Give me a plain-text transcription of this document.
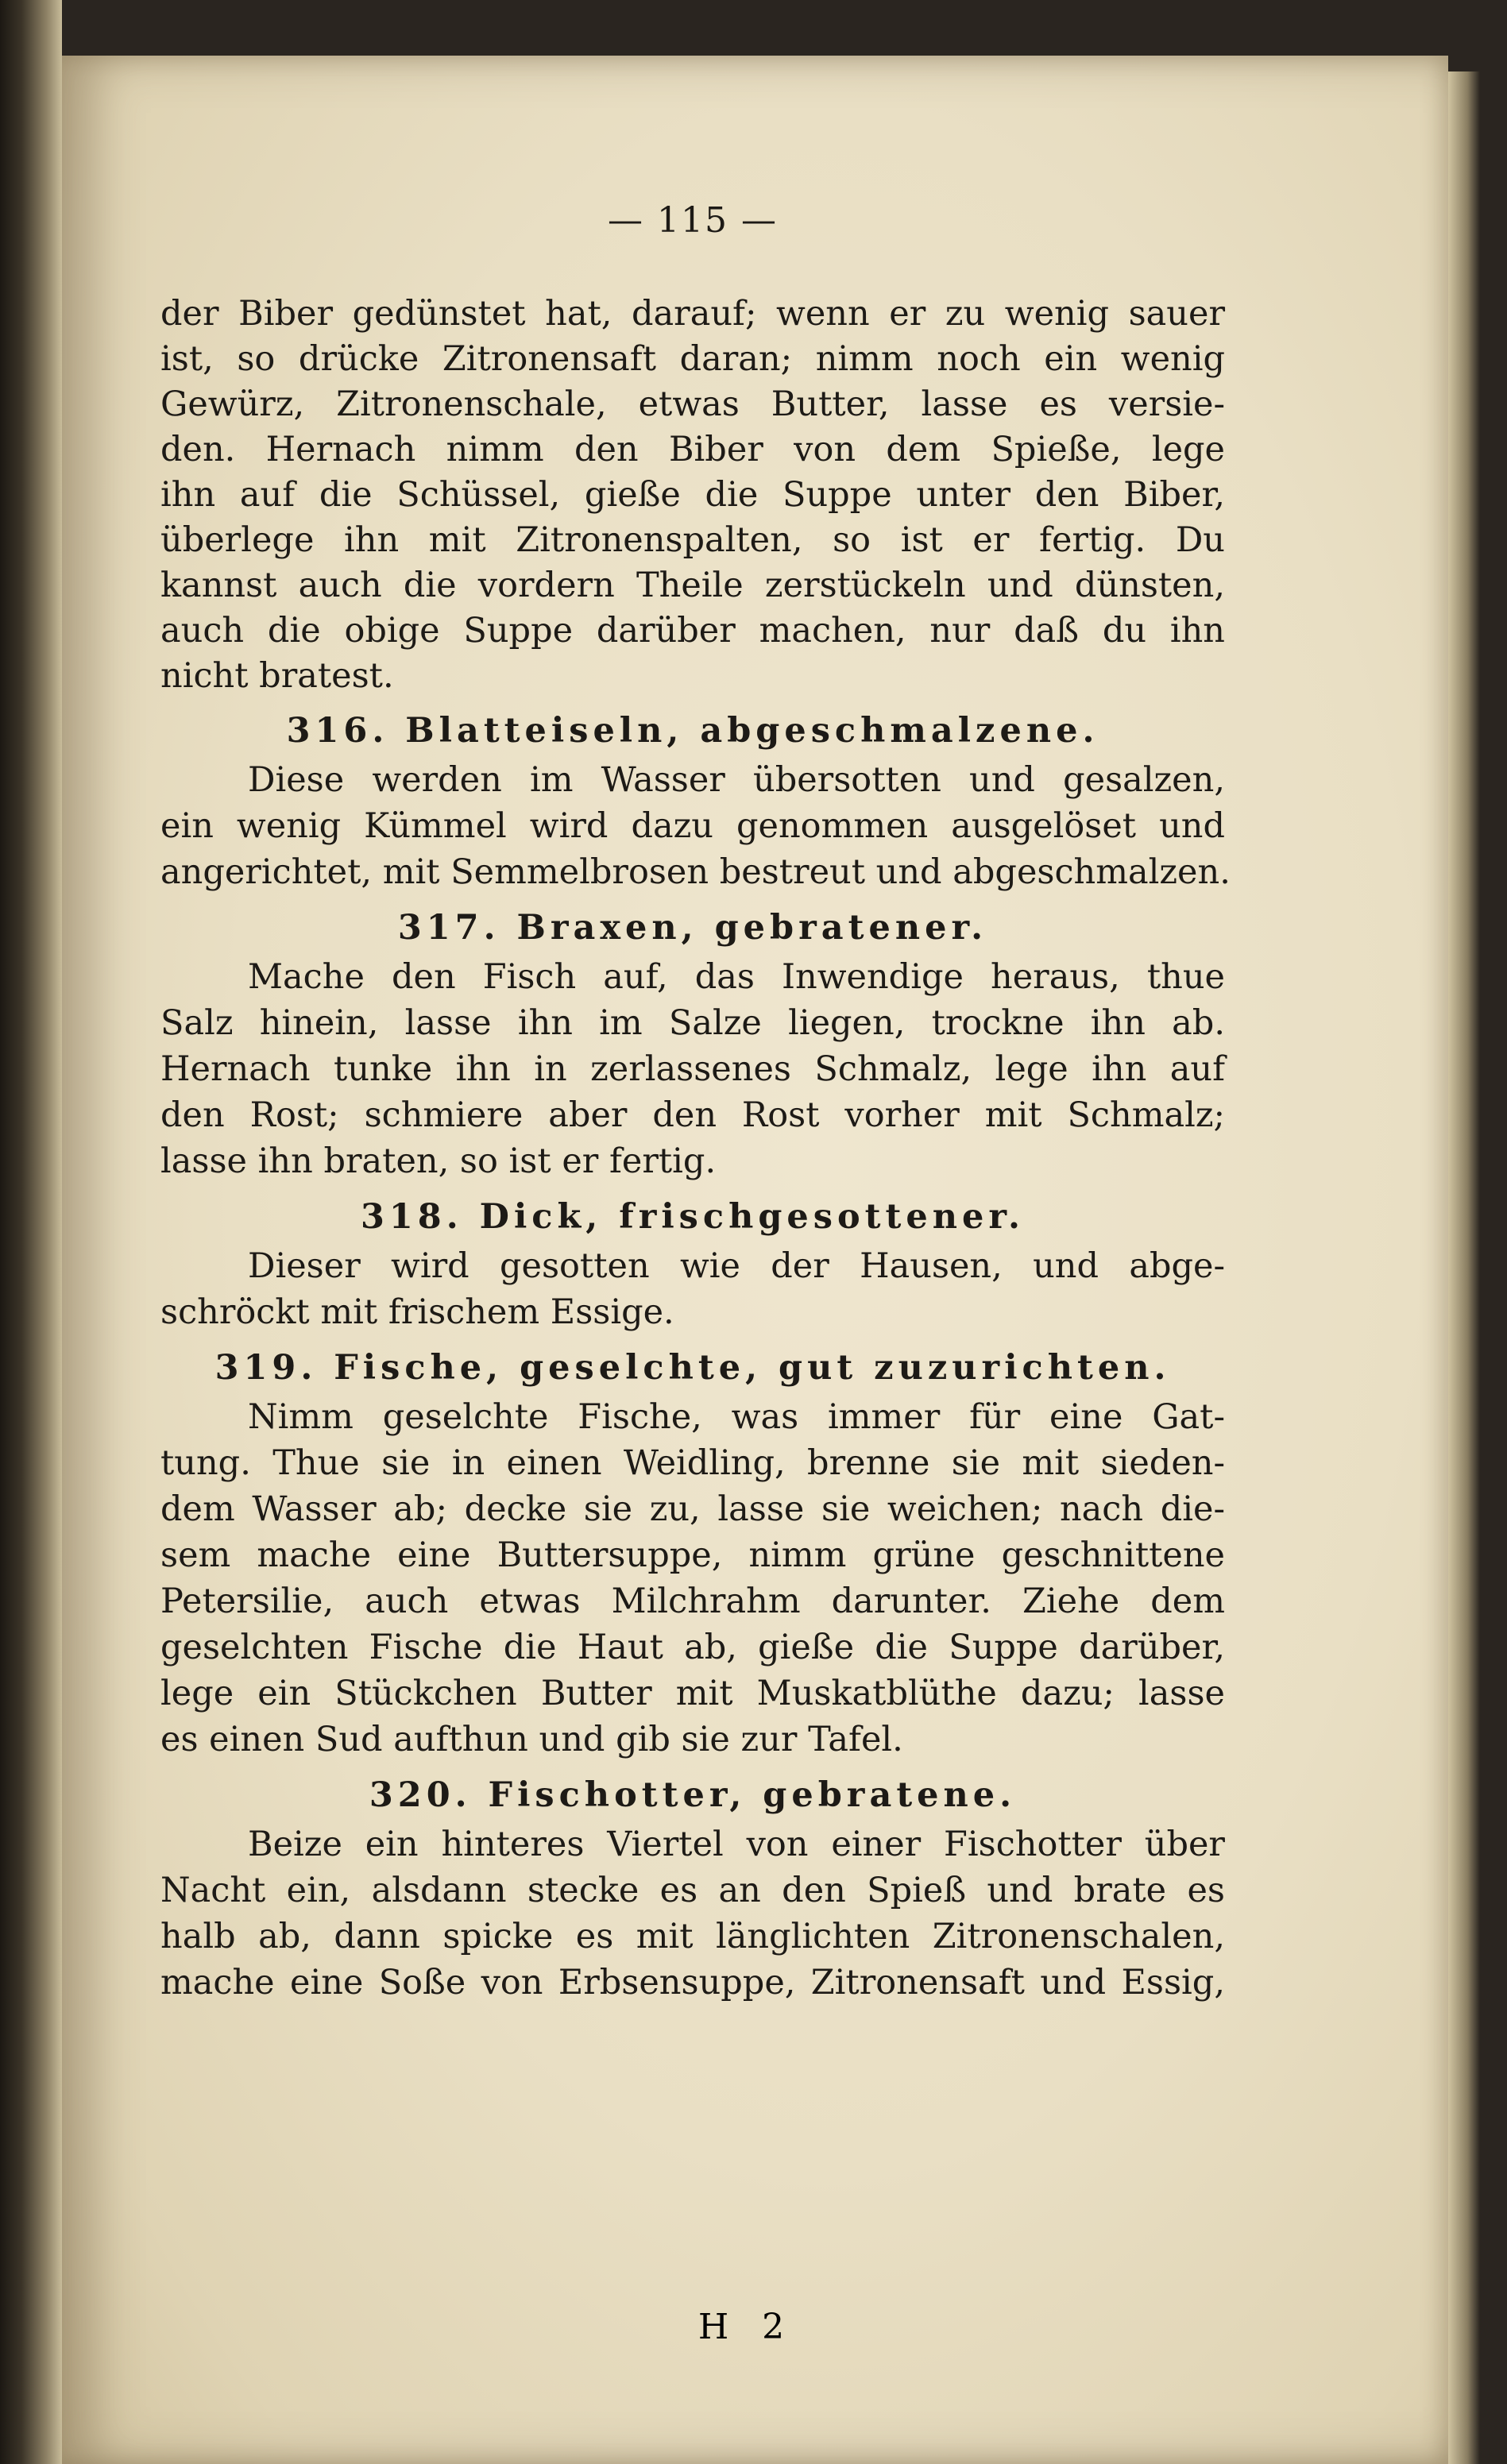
— 115 —
der Biber gedünstet hat, darauf; wenn er zu wenig sauer
ist, so drücke Zitronensaft daran; nimm noch ein wenig
Gewürz, Zitronenschale, etwas Butter, lasse es versie-
den. Hernach nimm den Biber von dem Spieße, lege
ihn auf die Schüssel, gieße die Suppe unter den Biber,
überlege ihn mit Zitronenspalten, so ist er fertig. Du
kannst auch die vordern Theile zerstückeln und dünsten,
auch die obige Suppe darüber machen, nur daß du ihn
nicht bratest.
316. Blatteiseln, abgeschmalzene.
Diese werden im Wasser übersotten und gesalzen,
ein wenig Kümmel wird dazu genommen ausgelöset und
angerichtet, mit Semmelbrosen bestreut und abgeschmalzen.
317. Braxen, gebratener.
Mache den Fisch auf, das Inwendige heraus, thue
Salz hinein, lasse ihn im Salze liegen, trockne ihn ab.
Hernach tunke ihn in zerlassenes Schmalz, lege ihn auf
den Rost; schmiere aber den Rost vorher mit Schmalz;
lasse ihn braten, so ist er fertig.
318. Dick, frischgesottener.
Dieser wird gesotten wie der Hausen, und abge-
schröckt mit frischem Essige.
319. Fische, geselchte, gut zuzurichten.
Nimm geselchte Fische, was immer für eine Gat-
tung. Thue sie in einen Weidling, brenne sie mit sieden-
dem Wasser ab; decke sie zu, lasse sie weichen; nach die-
sem mache eine Buttersuppe, nimm grüne geschnittene
Petersilie, auch etwas Milchrahm darunter. Ziehe dem
geselchten Fische die Haut ab, gieße die Suppe darüber,
lege ein Stückchen Butter mit Muskatblüthe dazu; lasse
es einen Sud aufthun und gib sie zur Tafel.
320. Fischotter, gebratene.
Beize ein hinteres Viertel von einer Fischotter über
Nacht ein, alsdann stecke es an den Spieß und brate es
halb ab, dann spicke es mit länglichten Zitronenschalen,
mache eine Soße von Erbsensuppe, Zitronensaft und Essig,
H 2
